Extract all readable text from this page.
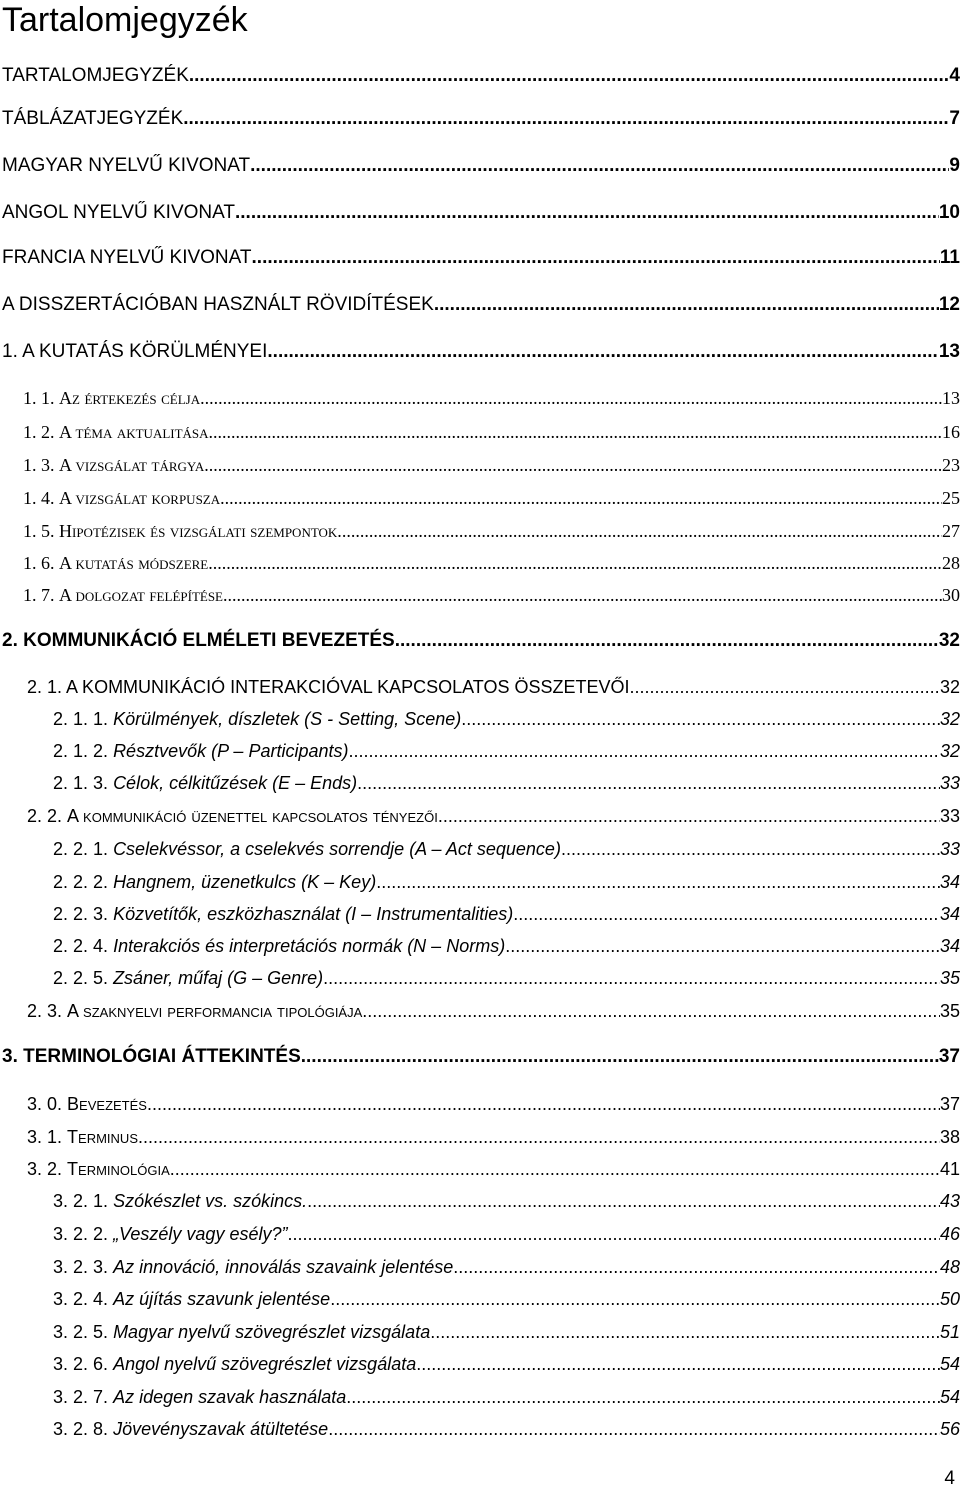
Tartalomjegyzék
TARTALOMJEGYZÉK .....	4
TÁBLÁZATJEGYZÉK .....	7
MAGYAR NYELVŰ KIVONAT .....	9
ANGOL NYELVŰ KIVONAT .....	10
FRANCIA NYELVŰ KIVONAT .....	11
A DISSZERTÁCIÓBAN HASZNÁLT RÖVIDÍTÉSEK .....	12
1. A KUTATÁS KÖRÜLMÉNYEI .....	13
1. 1. Az értekezés célja .....	13
1. 2. A téma aktualitása .....	16
1. 3. A vizsgálat tárgya .....	23
1. 4. A vizsgálat korpusza .....	25
1. 5. Hipotézisek és vizsgálati szempontok. .....	27
1. 6. A kutatás módszere .....	28
1. 7. A dolgozat felépítése .....	30
2. KOMMUNIKÁCIÓ ELMÉLETI BEVEZETÉS .....	32
2. 1. A KOMMUNIKÁCIÓ INTERAKCIÓVAL KAPCSOLATOS ÖSSZETEVŐI .....	32
2. 1. 1. Körülmények, díszletek (S - Setting, Scene) .....	32
2. 1. 2. Résztvevők (P – Participants) .....	32
2. 1. 3. Célok, célkitűzések (E – Ends) .....	33
2. 2. A kommunikáció üzenettel kapcsolatos tényezői .....	33
2. 2. 1. Cselekvéssor, a cselekvés sorrendje (A – Act sequence) .....	33
2. 2. 2. Hangnem, üzenetkulcs (K – Key) .....	34
2. 2. 3. Közvetítők, eszközhasználat (I – Instrumentalities) .....	34
2. 2. 4. Interakciós és interpretációs normák (N – Norms) .....	34
2. 2. 5. Zsáner, műfaj (G – Genre) .....	35
2. 3. A szaknyelvi performancia tipológiája .....	35
3. TERMINOLÓGIAI ÁTTEKINTÉS .....	37
3. 0. Bevezetés .....	37
3. 1. Terminus .....	38
3. 2. Terminológia .....	41
3. 2. 1. Szókészlet vs. szókincs. .....	43
3. 2. 2. „Veszély vagy esély?” .....	46
3. 2. 3. Az innováció, innoválás szavaink jelentése .....	48
3. 2. 4. Az újítás szavunk jelentése .....	50
3. 2. 5. Magyar nyelvű szövegrészlet vizsgálata .....	51
3. 2. 6. Angol nyelvű szövegrészlet vizsgálata .....	54
3. 2. 7. Az idegen szavak használata .....	54
3. 2. 8. Jövevényszavak átültetése .....	56
4
